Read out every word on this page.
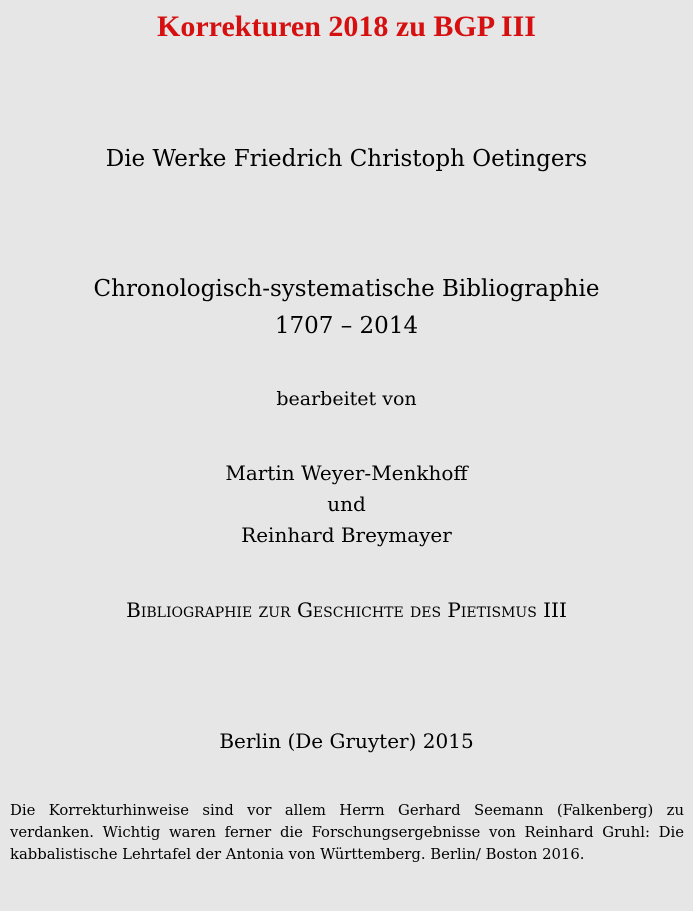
Korrekturen 2018 zu BGP III
Die Werke Friedrich Christoph Oetingers
Chronologisch-systematische Bibliographie
1707 – 2014
bearbeitet von
Martin Weyer-Menkhoff
und
Reinhard Breymayer
Bibliographie zur Geschichte des Pietismus III
Berlin (De Gruyter) 2015

Die Korrekturhinweise sind vor allem Herrn Gerhard Seemann (Falkenberg) zu verdanken. Wichtig waren ferner die Forschungsergebnisse von Reinhard Gruhl: Die kabbalistische Lehrtafel der Antonia von Württemberg. Berlin/ Boston 2016.
